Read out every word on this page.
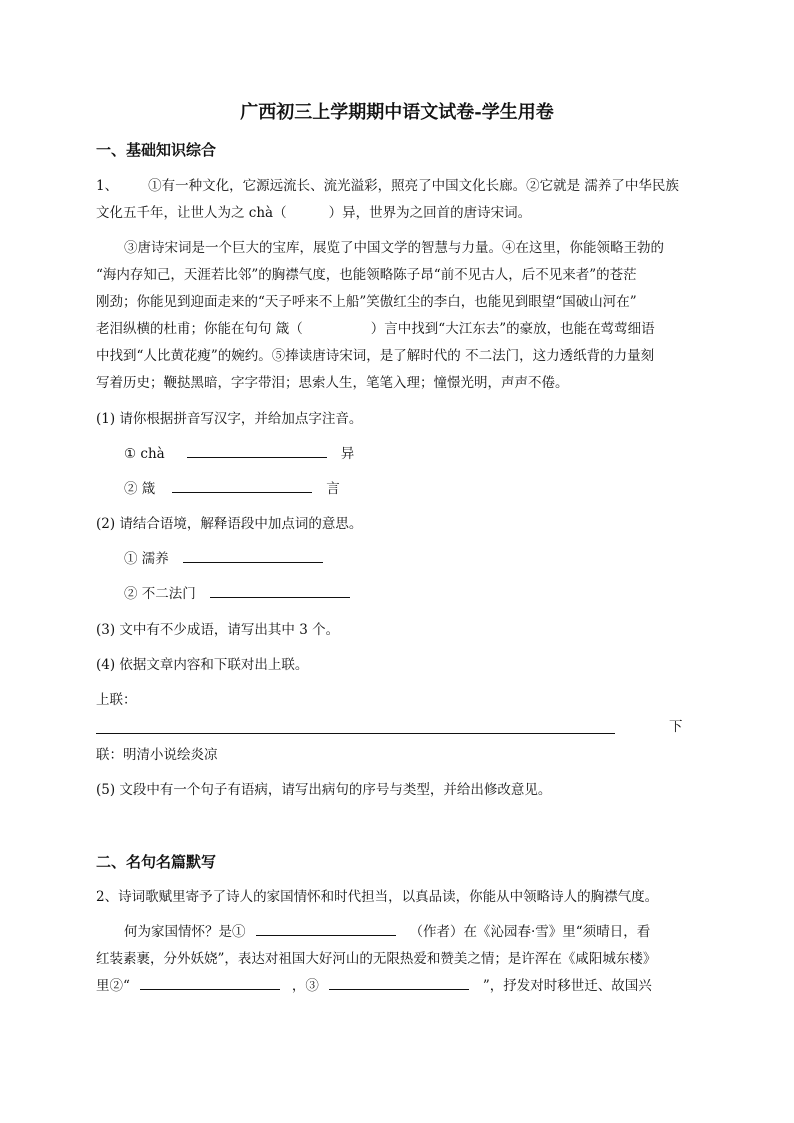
广西初三上学期期中语文试卷-学生用卷
一、基础知识综合
1、 ①有一种文化，它源远流长、流光溢彩，照亮了中国文化长廊。②它就是 濡养了中华民族
文化五千年，让世人为之 chà（	）异，世界为之回首的唐诗宋词。
③唐诗宋词是一个巨大的宝库，展览了中国文学的智慧与力量。④在这里，你能领略王勃的
“海内存知己，天涯若比邻”的胸襟气度，也能领略陈子昂“前不见古人，后不见来者”的苍茫
刚劲；你能见到迎面走来的“天子呼来不上船”笑傲红尘的李白，也能见到眼望“国破山河在”
老泪纵横的杜甫；你能在句句 箴（	）言中找到“大江东去”的豪放，也能在莺莺细语
中找到“人比黄花瘦”的婉约。⑤捧读唐诗宋词，是了解时代的 不二法门，这力透纸背的力量刻
写着历史；鞭挞黑暗，字字带泪；思索人生，笔笔入理；憧憬光明，声声不倦。
(1) 请你根据拼音写汉字，并给加点字注音。
① chà	异
② 箴	言
(2) 请结合语境，解释语段中加点词的意思。
① 濡养
② 不二法门
(3) 文中有不少成语，请写出其中 3 个。
(4) 依据文章内容和下联对出上联。
上联：
下
联：明清小说绘炎凉
(5) 文段中有一个句子有语病，请写出病句的序号与类型，并给出修改意见。
二、名句名篇默写
2、诗词歌赋里寄予了诗人的家国情怀和时代担当，以真品读，你能从中领略诗人的胸襟气度。
何为家国情怀？是①	（作者）在《沁园春·雪》里“须晴日，看
红装素裹，分外妖娆”，表达对祖国大好河山的无限热爱和赞美之情；是许浑在《咸阳城东楼》
里②“	，③	”，抒发对时移世迁、故国兴
